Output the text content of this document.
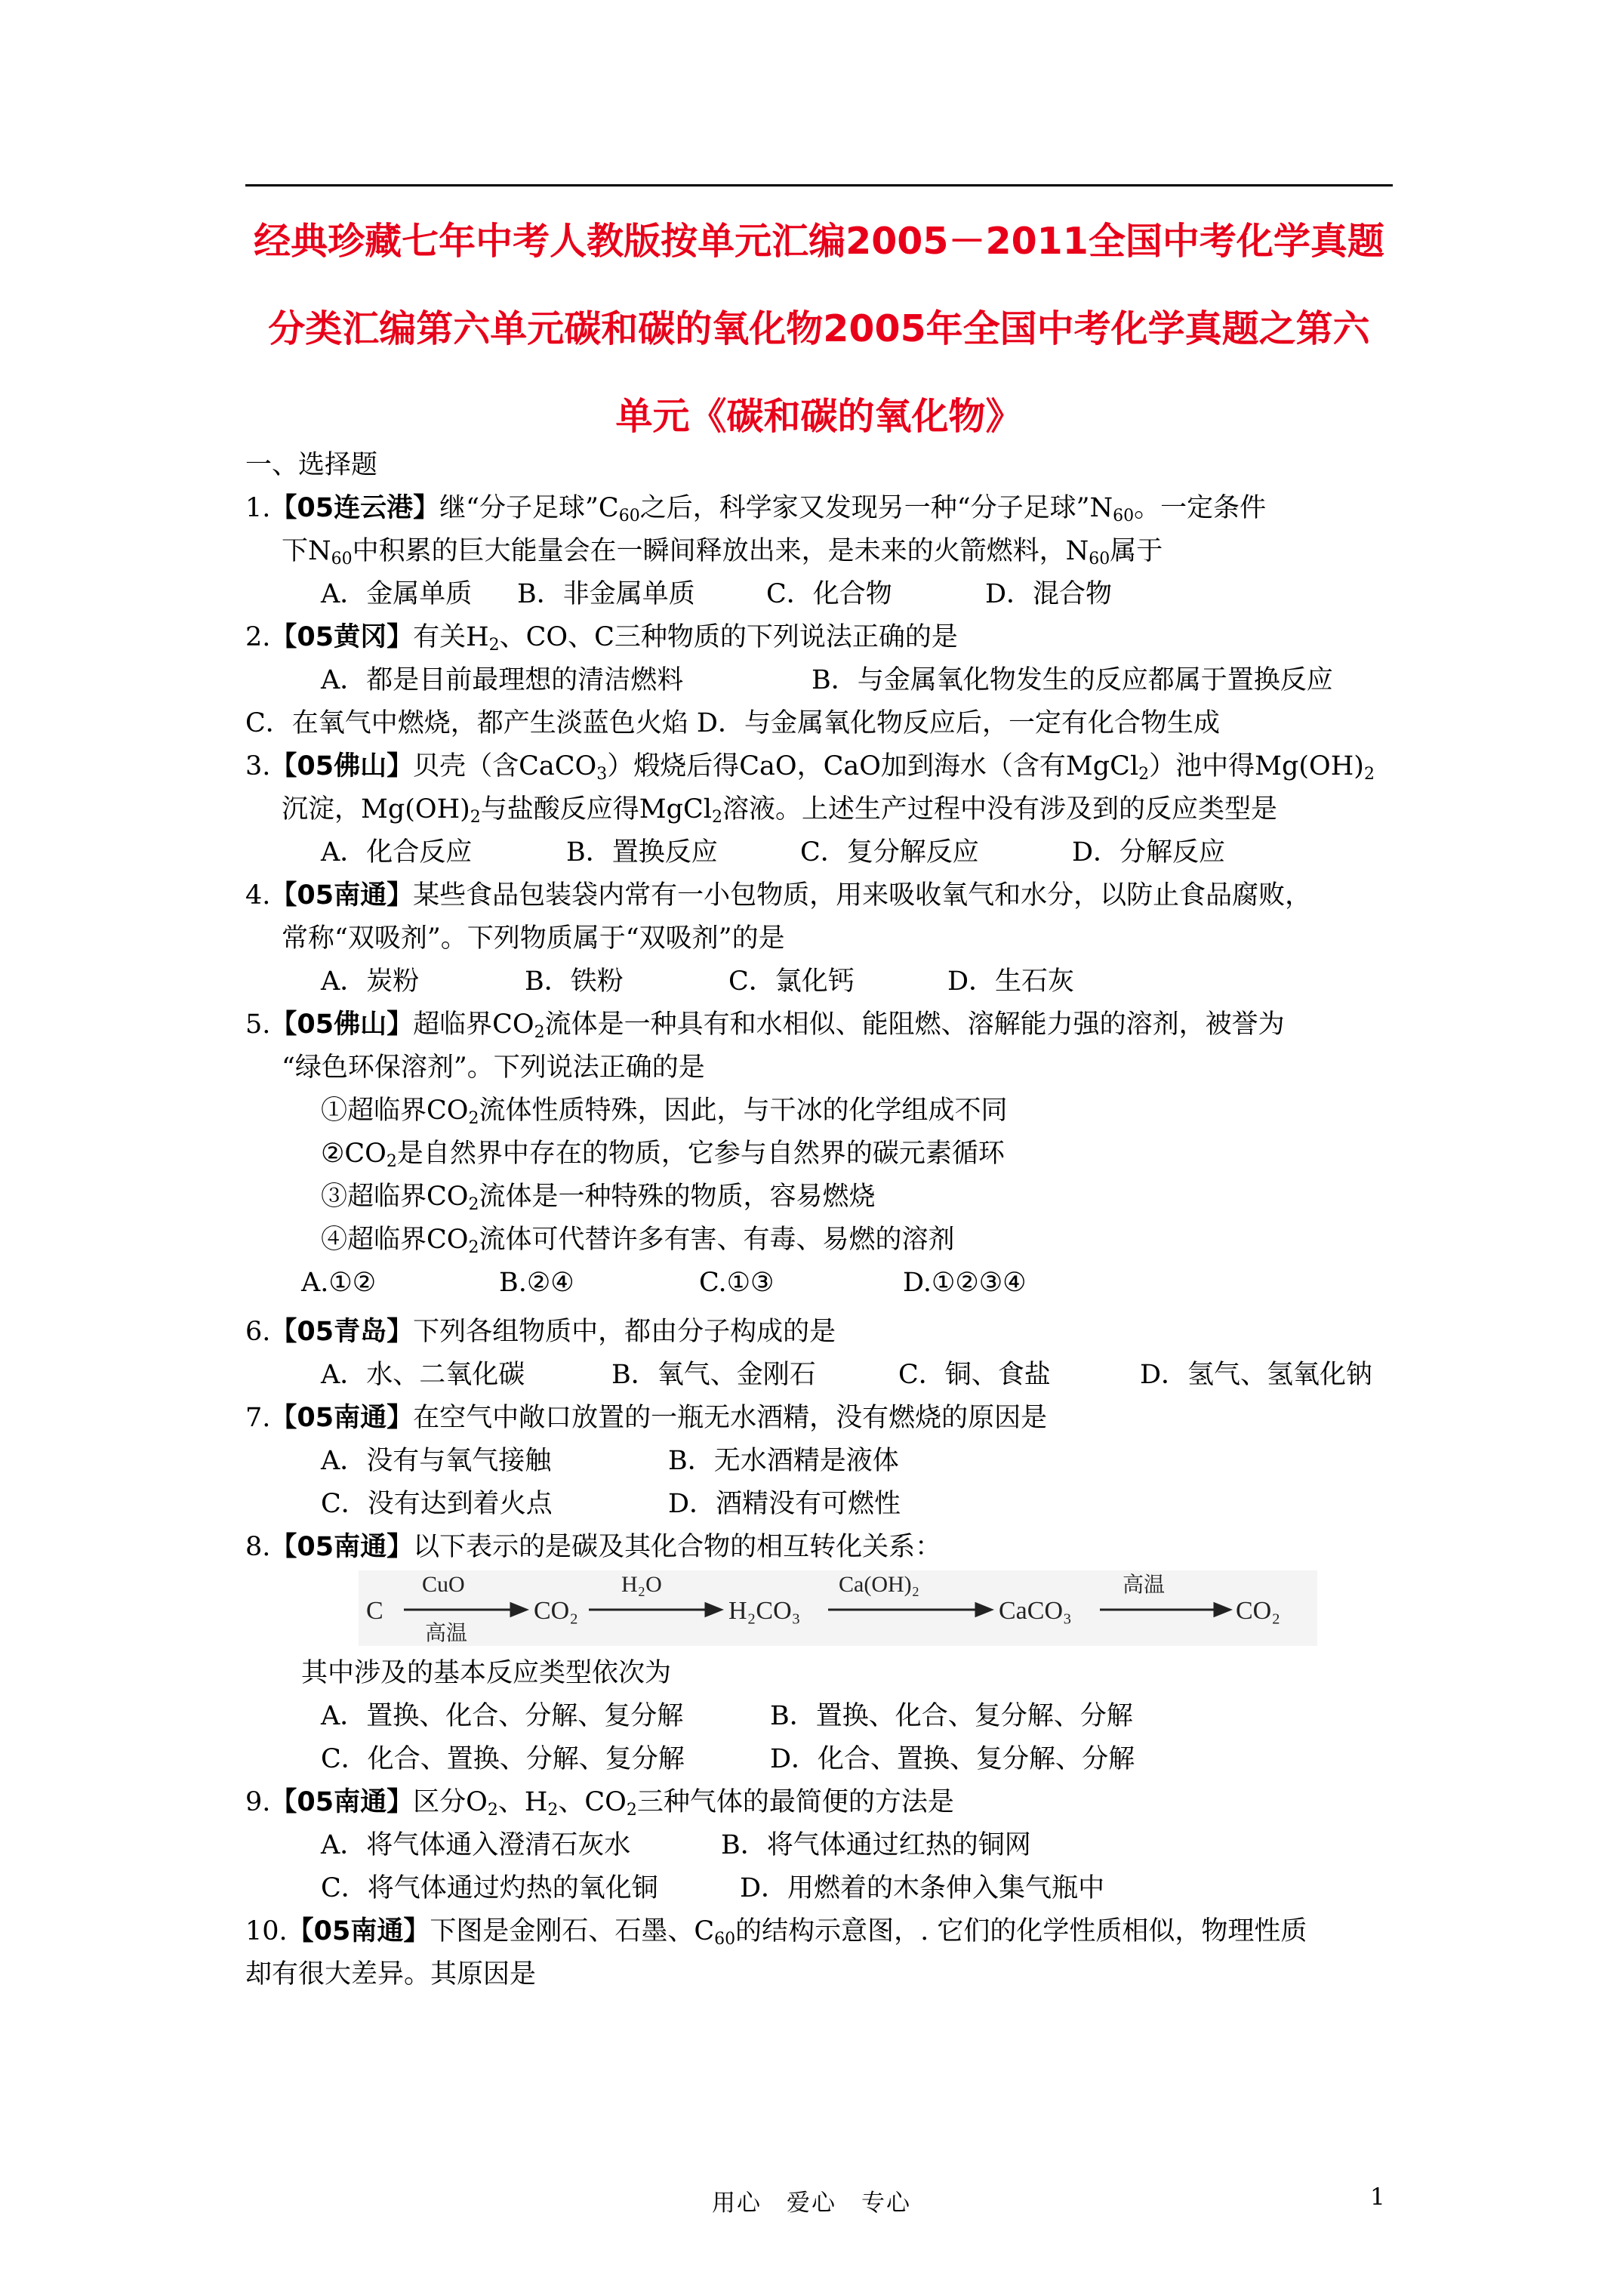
经典珍藏七年中考人教版按单元汇编2005－2011全国中考化学真题
分类汇编第六单元碳和碳的氧化物2005年全国中考化学真题之第六
单元《碳和碳的氧化物》
一、选择题
1.【05连云港】继“分子足球$”C_{60}$之后，科学家又发现另一种“分子足球$”N_{60}$。一定条件
下$N_{60}$中积累的巨大能量会在一瞬间释放出来，是未来的火箭燃料，$N_{60}$属于
A．金属单质 B．非金属单质	C．化合物	D．混合物
2.【05黄冈】有关$H_2$、CO、C三种物质的下列说法正确的是
A．都是目前最理想的清洁燃料	B．与金属氧化物发生的反应都属于置换反应
C．在氧气中燃烧，都产生淡蓝色火焰 D．与金属氧化物反应后，一定有化合物生成
3.【05佛山】贝壳（含CaCO$_3$）煅烧后得CaO，CaO加到海水（含有MgCl$_2$）池中得$Mg(OH)_2$
沉淀，$Mg(OH)_2$与盐酸反应得MgCl$_2$溶液。上述生产过程中没有涉及到的反应类型是
A．化合反应	B．置换反应	C．复分解反应	D．分解反应
4.【05南通】某些食品包装袋内常有一小包物质，用来吸收氧气和水分，以防止食品腐败，
常称“双吸剂”。下列物质属于“双吸剂”的是
A．炭粉	B．铁粉	C．氯化钙	D．生石灰
5.【05佛山】超临界$CO_2$流体是一种具有和水相似、能阻燃、溶解能力强的溶剂，被誉为
“绿色环保溶剂”。下列说法正确的是
①超临界$CO_2$流体性质特殊，因此，与干冰的化学组成不同
$②CO_2$是自然界中存在的物质，它参与自然界的碳元素循环
③超临界$CO_2$流体是一种特殊的物质，容易燃烧
④超临界$CO_2$流体可代替许多有害、有毒、易燃的溶剂
A.①②	B.②④	C.①③	D.①②③④
6.【05青岛】下列各组物质中，都由分子构成的是
A．水、二氧化碳	B．氧气、金刚石	C．铜、食盐	D．氢气、氢氧化钠
7.【05南通】在空气中敞口放置的一瓶无水酒精，没有燃烧的原因是
A．没有与氧气接触	B．无水酒精是液体
C．没有达到着火点	D．酒精没有可燃性
8.【05南通】以下表示的是碳及其化合物的相互转化关系：
C
CuO
高温
CO₂
H₂O
H₂CO₃
Ca(OH)₂
CaCO₃
高温
CO₂
其中涉及的基本反应类型依次为
A．置换、化合、分解、复分解	B．置换、化合、复分解、分解
C．化合、置换、分解、复分解	D．化合、置换、复分解、分解
9.【05南通】区分$O_2$、$H_2$、$CO_2$三种气体的最简便的方法是
A．将气体通入澄清石灰水	B．将气体通过红热的铜网
C．将气体通过灼热的氧化铜	D．用燃着的木条伸入集气瓶中
10.【05南通】下图是金刚石、石墨、$C_{60}$的结构示意图，. 它们的化学性质相似，物理性质
却有很大差异。其原因是
用心　爱心　专心	1
